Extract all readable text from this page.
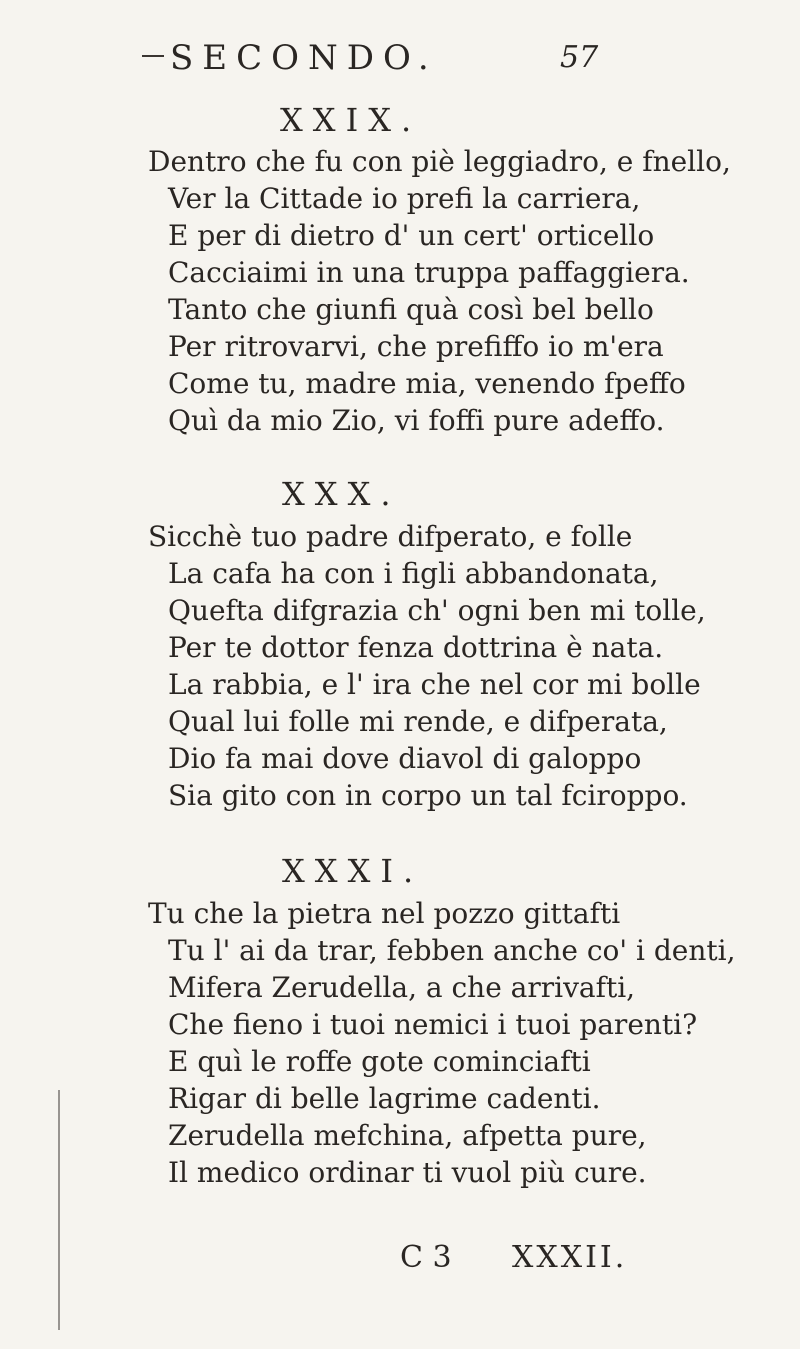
SECONDO.	57
XXIX.
Dentro che fu con piè leggiadro, e fnello,
Ver la Cittade io prefi la carriera,
E per di dietro d' un cert' orticello
Cacciaimi in una truppa paffaggiera.
Tanto che giunfi quà così bel bello
Per ritrovarvi, che prefiffo io m'era
Come tu, madre mia, venendo fpeffo
Quì da mio Zio, vi foffi pure adeffo.
XXX.
Sicchè tuo padre difperato, e folle
La cafa ha con i figli abbandonata,
Quefta difgrazia ch' ogni ben mi tolle,
Per te dottor fenza dottrina è nata.
La rabbia, e l' ira che nel cor mi bolle
Qual lui folle mi rende, e difperata,
Dio fa mai dove diavol di galoppo
Sia gito con in corpo un tal fciroppo.
XXXI.
Tu che la pietra nel pozzo gittafti
Tu l' ai da trar, febben anche co' i denti,
Mifera Zerudella, a che arrivafti,
Che fieno i tuoi nemici i tuoi parenti?
E quì le roffe gote cominciafti
Rigar di belle lagrime cadenti.
Zerudella mefchina, afpetta pure,
Il medico ordinar ti vuol più cure.
C 3 XXXII.
